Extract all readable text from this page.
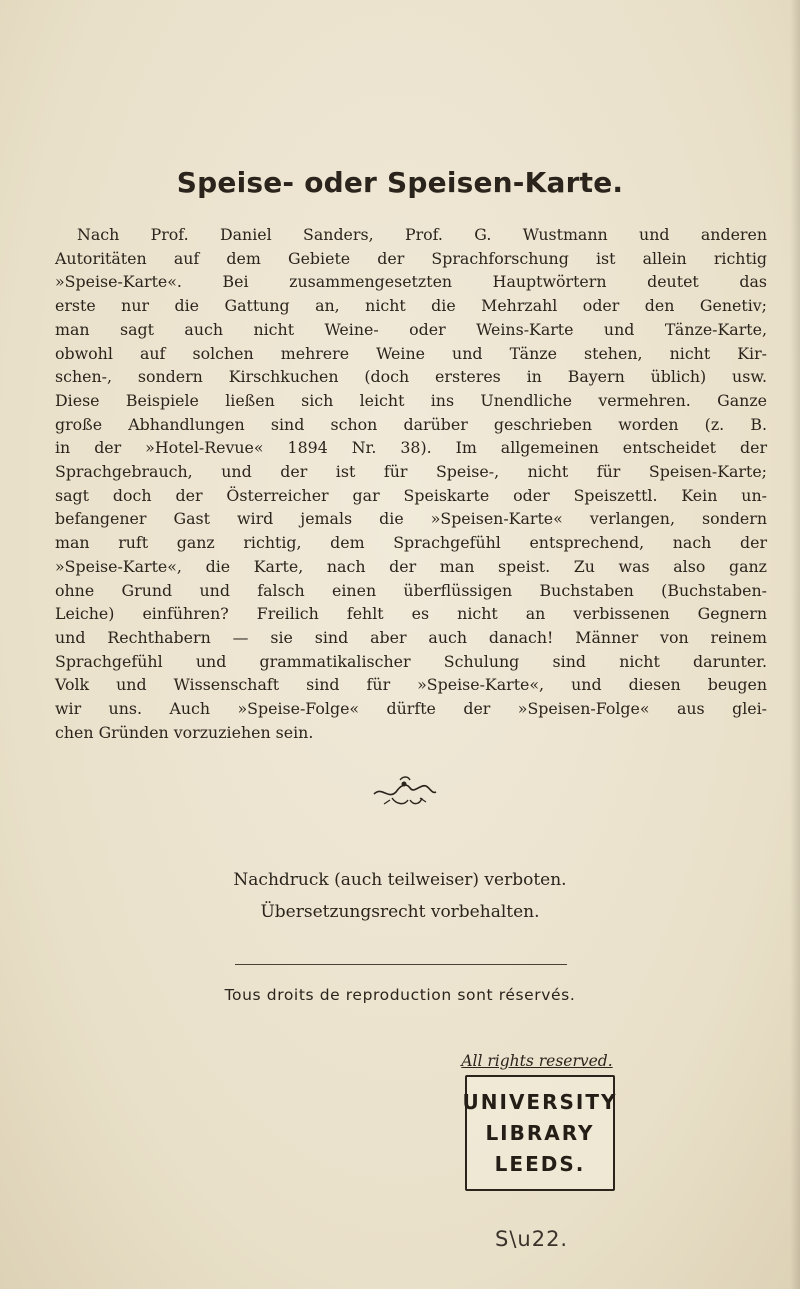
Speise- oder Speisen-Karte.
Nach Prof. Daniel Sanders, Prof. G. Wustmann und anderen
Autoritäten auf dem Gebiete der Sprachforschung ist allein richtig
»Speise-Karte«. Bei zusammengesetzten Hauptwörtern deutet das
erste nur die Gattung an, nicht die Mehrzahl oder den Genetiv;
man sagt auch nicht Weine- oder Weins-Karte und Tänze-Karte,
obwohl auf solchen mehrere Weine und Tänze stehen, nicht Kir-
schen-, sondern Kirschkuchen (doch ersteres in Bayern üblich) usw.
Diese Beispiele ließen sich leicht ins Unendliche vermehren. Ganze
große Abhandlungen sind schon darüber geschrieben worden (z. B.
in der »Hotel-Revue« 1894 Nr. 38). Im allgemeinen entscheidet der
Sprachgebrauch, und der ist für Speise-, nicht für Speisen-Karte;
sagt doch der Österreicher gar Speiskarte oder Speiszettl. Kein un-
befangener Gast wird jemals die »Speisen-Karte« verlangen, sondern
man ruft ganz richtig, dem Sprachgefühl entsprechend, nach der
»Speise-Karte«, die Karte, nach der man speist. Zu was also ganz
ohne Grund und falsch einen überflüssigen Buchstaben (Buchstaben-
Leiche) einführen? Freilich fehlt es nicht an verbissenen Gegnern
und Rechthabern — sie sind aber auch danach! Männer von reinem
Sprachgefühl und grammatikalischer Schulung sind nicht darunter.
Volk und Wissenschaft sind für »Speise-Karte«, und diesen beugen
wir uns. Auch »Speise-Folge« dürfte der »Speisen-Folge« aus glei-
chen Gründen vorzuziehen sein.
Nachdruck (auch teilweiser) verboten.
Übersetzungsrecht vorbehalten.
Tous droits de reproduction sont réservés.
All rights reserved.
UNIVERSITY
LIBRARY
LEEDS.
S\u22.
